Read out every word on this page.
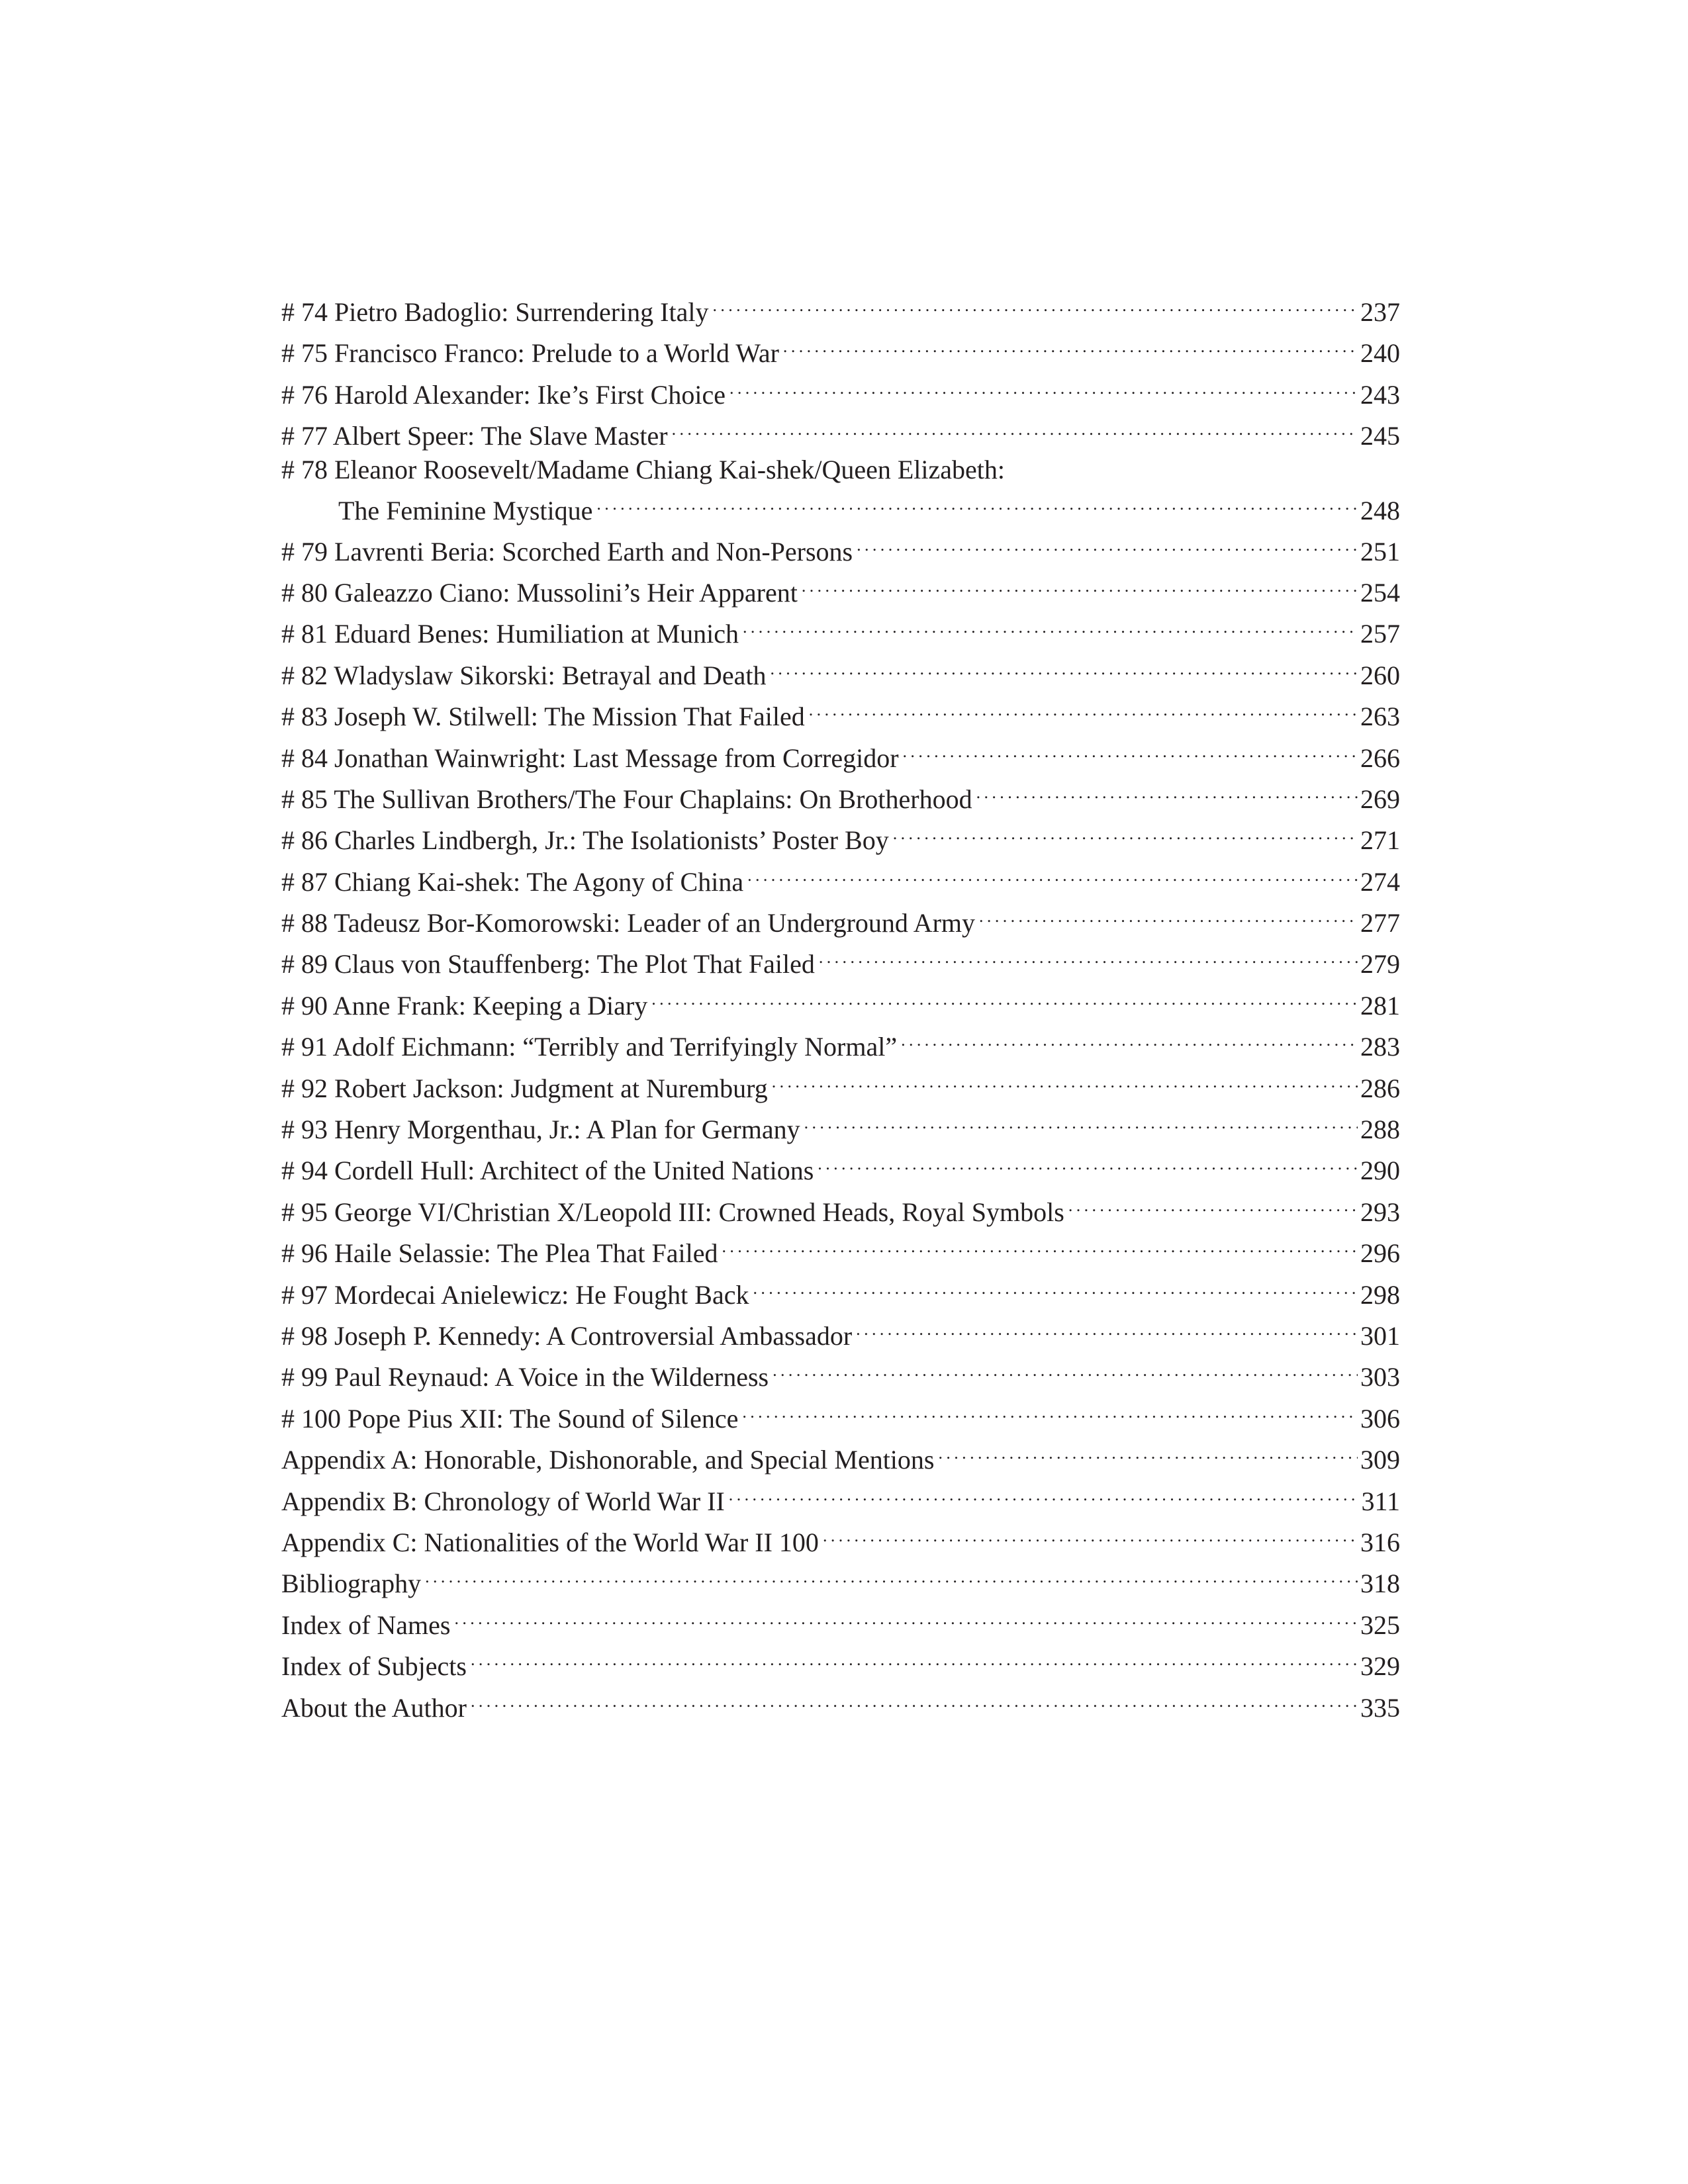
# 74 Pietro Badoglio: Surrendering Italy .....	237
# 75 Francisco Franco: Prelude to a World War .....	240
# 76 Harold Alexander: Ike’s First Choice .....	243
# 77 Albert Speer: The Slave Master .....	245
# 78 Eleanor Roosevelt/Madame Chiang Kai-shek/Queen Elizabeth:
The Feminine Mystique .....	248
# 79 Lavrenti Beria: Scorched Earth and Non-Persons .....	251
# 80 Galeazzo Ciano: Mussolini’s Heir Apparent .....	254
# 81 Eduard Benes: Humiliation at Munich .....	257
# 82 Wladyslaw Sikorski: Betrayal and Death .....	260
# 83 Joseph W. Stilwell: The Mission That Failed .....	263
# 84 Jonathan Wainwright: Last Message from Corregidor .....	266
# 85 The Sullivan Brothers/The Four Chaplains: On Brotherhood .....	269
# 86 Charles Lindbergh, Jr.: The Isolationists’ Poster Boy .....	271
# 87 Chiang Kai-shek: The Agony of China .....	274
# 88 Tadeusz Bor-Komorowski: Leader of an Underground Army .....	277
# 89 Claus von Stauffenberg: The Plot That Failed .....	279
# 90 Anne Frank: Keeping a Diary .....	281
# 91 Adolf Eichmann: “Terribly and Terrifyingly Normal” .....	283
# 92 Robert Jackson: Judgment at Nuremburg .....	286
# 93 Henry Morgenthau, Jr.: A Plan for Germany .....	288
# 94 Cordell Hull: Architect of the United Nations .....	290
# 95 George VI/Christian X/Leopold III: Crowned Heads, Royal Symbols .....	293
# 96 Haile Selassie: The Plea That Failed .....	296
# 97 Mordecai Anielewicz: He Fought Back .....	298
# 98 Joseph P. Kennedy: A Controversial Ambassador .....	301
# 99 Paul Reynaud: A Voice in the Wilderness .....	303
# 100 Pope Pius XII: The Sound of Silence .....	306
Appendix A: Honorable, Dishonorable, and Special Mentions .....	309
Appendix B: Chronology of World War II .....	311
Appendix C: Nationalities of the World War II 100 .....	316
Bibliography .....	318
Index of Names .....	325
Index of Subjects .....	329
About the Author .....	335
